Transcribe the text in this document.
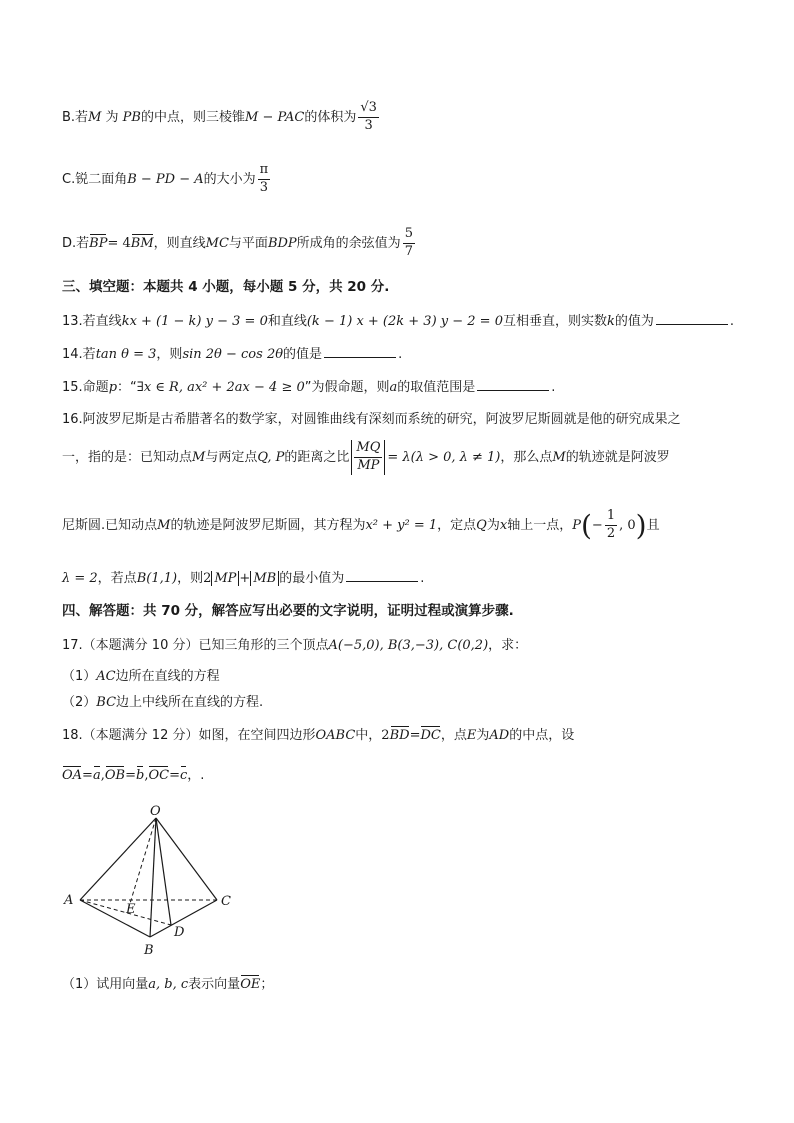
B.若M 为 PB的中点，则三棱锥M − PAC的体积为 $\frac{√3}{3}$
C.锐二面角B − PD − A的大小为 $\frac{\pi}{3}$
D.若BP= 4BM，则直线MC与平面BDP所成角的余弦值为 $\frac{5}{7}$
三、填空题：本题共 4 小题，每小题 5 分，共 20 分.
13.若直线kx + (1 − k) y − 3 = 0和直线(k − 1) x + (2k + 3) y − 2 = 0互相垂直，则实数k的值为	.
14.若tan θ = 3，则sin 2θ − cos 2θ的值是	.
15.命题p：“∃x ∈ R, ax² + 2ax − 4 ≥ 0”为假命题，则a的取值范围是	.
16.阿波罗尼斯是古希腊著名的数学家，对圆锥曲线有深刻而系统的研究，阿波罗尼斯圆就是他的研究成果之
一，指的是：已知动点M与两定点Q, P的距离之比 $\frac{MQ}{MP} = \lambda(\lambda > 0$, λ ≠ 1)，那么点M的轨迹就是阿波罗
尼斯圆.已知动点M的轨迹是阿波罗尼斯圆，其方程为x² + y² = 1，定点Q为x轴上一点，$P(- \frac{1}{2}$ , 0)且
λ = 2，若点B(1,1)，则2 MP + MB 的最小值为	.
四、解答题：共 70 分，解答应写出必要的文字说明，证明过程或演算步骤.
17.（本题满分 10 分）已知三角形的三个顶点A(−5,0), B(3,−3), C(0,2)，求：
（1）AC边所在直线的方程
（2）BC边上中线所在直线的方程.
18.（本题满分 12 分）如图，在空间四边形OABC中，2BD=DC，点E为AD的中点，设
OA=a,OB=b,OC=c，.
O
A	C
B
D
E
（1）试用向量a, b, c表示向量OE；
